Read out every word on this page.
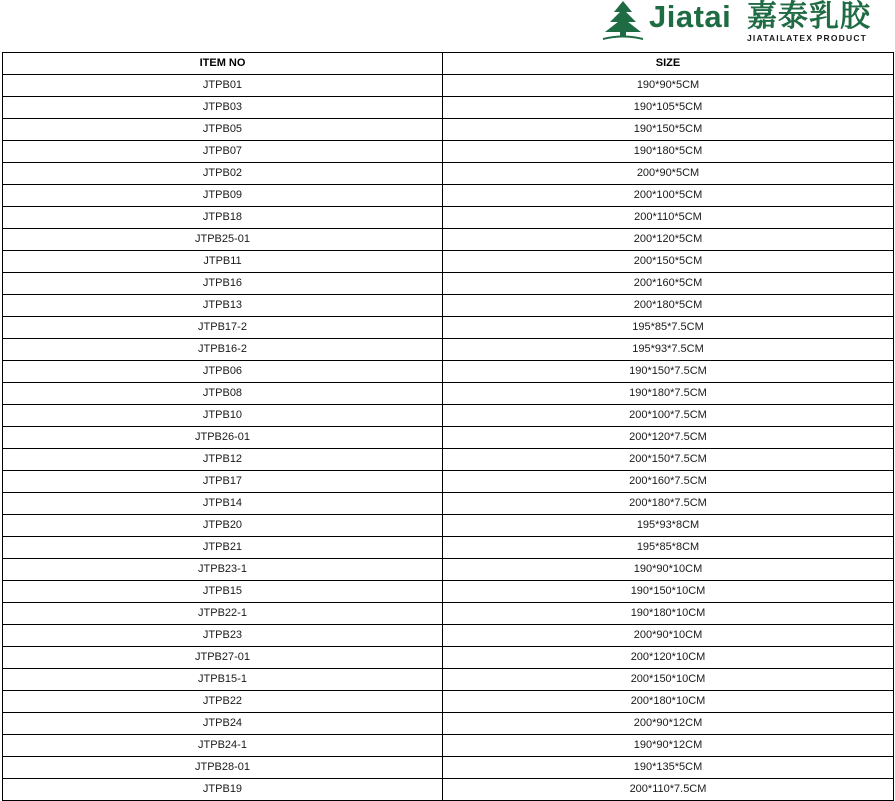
Jiatai 嘉泰乳胶
JIATAILATEX PRODUCT
ITEM NO	SIZE
JTPB01	190*90*5CM
JTPB03	190*105*5CM
JTPB05	190*150*5CM
JTPB07	190*180*5CM
JTPB02	200*90*5CM
JTPB09	200*100*5CM
JTPB18	200*110*5CM
JTPB25-01	200*120*5CM
JTPB11	200*150*5CM
JTPB16	200*160*5CM
JTPB13	200*180*5CM
JTPB17-2	195*85*7.5CM
JTPB16-2	195*93*7.5CM
JTPB06	190*150*7.5CM
JTPB08	190*180*7.5CM
JTPB10	200*100*7.5CM
JTPB26-01	200*120*7.5CM
JTPB12	200*150*7.5CM
JTPB17	200*160*7.5CM
JTPB14	200*180*7.5CM
JTPB20	195*93*8CM
JTPB21	195*85*8CM
JTPB23-1	190*90*10CM
JTPB15	190*150*10CM
JTPB22-1	190*180*10CM
JTPB23	200*90*10CM
JTPB27-01	200*120*10CM
JTPB15-1	200*150*10CM
JTPB22	200*180*10CM
JTPB24	200*90*12CM
JTPB24-1	190*90*12CM
JTPB28-01	190*135*5CM
JTPB19	200*110*7.5CM
